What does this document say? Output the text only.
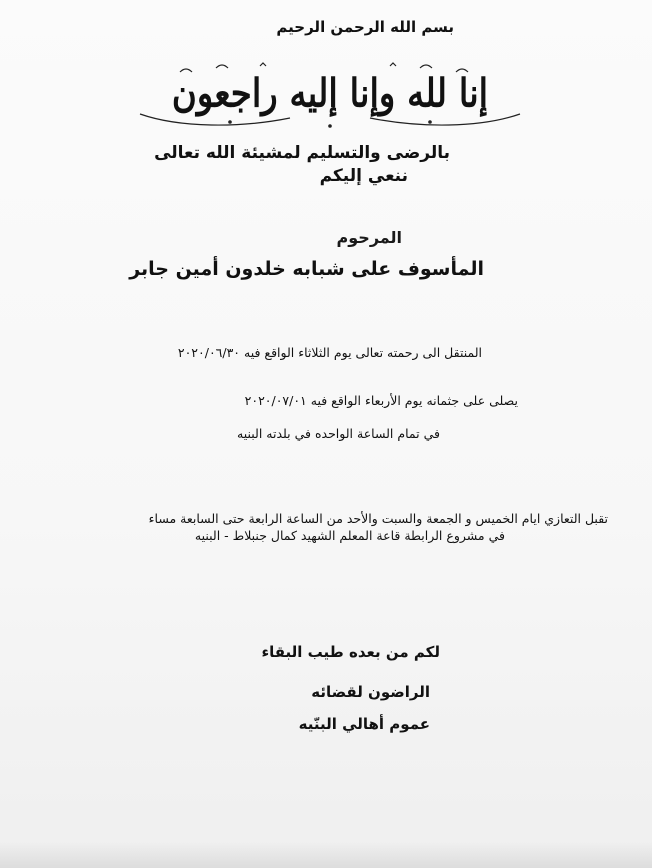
بسم الله الرحمن الرحيم
إنا لله وإنا إليه راجعون
بالرضى والتسليم لمشيئة الله تعالى
ننعي إليكم
المرحوم
المأسوف على شبابه خلدون أمين جابر
المنتقل الى رحمته تعالى يوم الثلاثاء الواقع فيه ٢٠٢٠/٠٦/٣٠
يصلى على جثمانه يوم الأربعاء الواقع فيه ٢٠٢٠/٠٧/٠١
في تمام الساعة الواحده في بلدته البنيه
تقبل التعازي ايام الخميس و الجمعة والسبت والأحد من الساعة الرابعة حتى السابعة مساء
في مشروع الرابطة قاعة المعلم الشهيد كمال جنبلاط - البنيه
لكم من بعده طيب البقاء
الراضون لقضائه
عموم أهالي البنّيه
